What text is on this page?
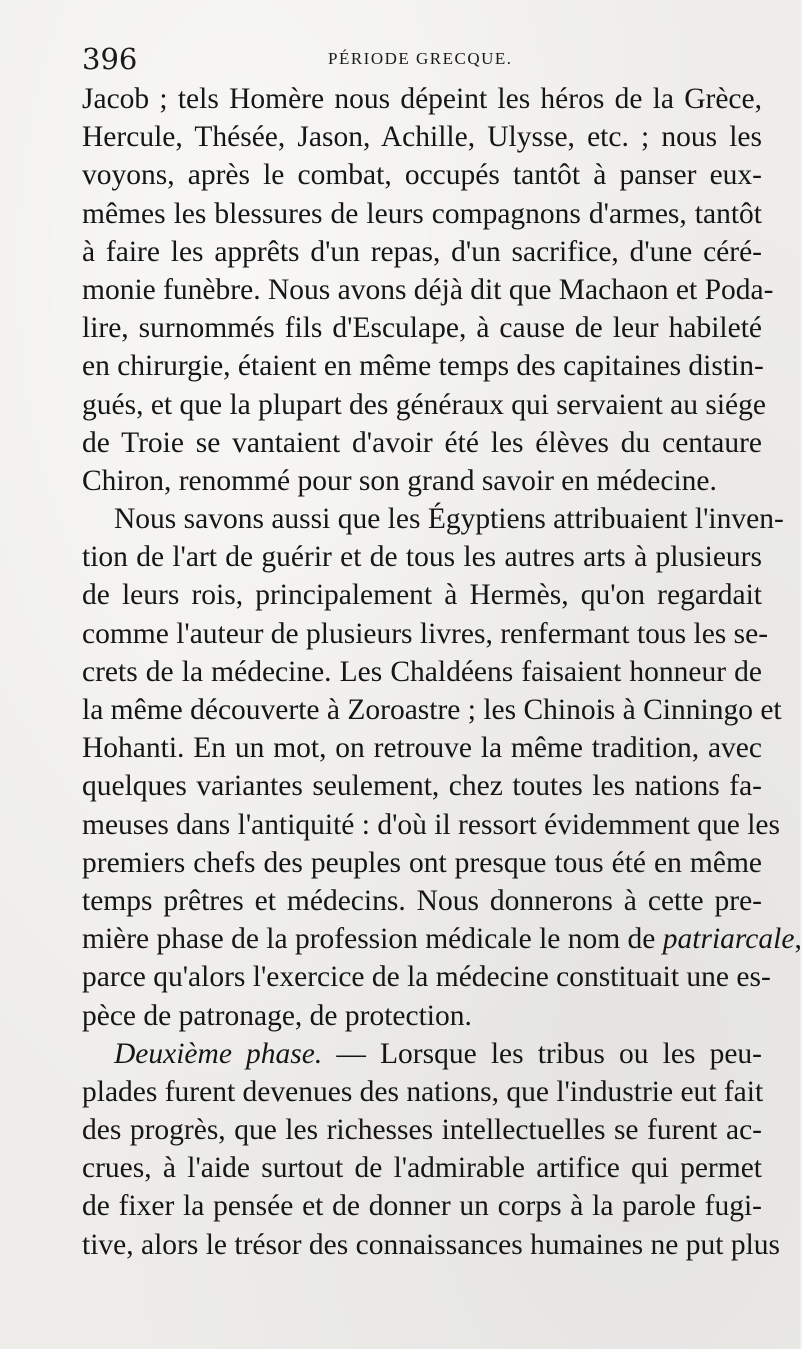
396	PÉRIODE GRECQUE.
Jacob ; tels Homère nous dépeint les héros de la Grèce,
Hercule, Thésée, Jason, Achille, Ulysse, etc. ; nous les
voyons, après le combat, occupés tantôt à panser eux-
mêmes les blessures de leurs compagnons d'armes, tantôt
à faire les apprêts d'un repas, d'un sacrifice, d'une céré-
monie funèbre. Nous avons déjà dit que Machaon et Poda-
lire, surnommés fils d'Esculape, à cause de leur habileté
en chirurgie, étaient en même temps des capitaines distin-
gués, et que la plupart des généraux qui servaient au siége
de Troie se vantaient d'avoir été les élèves du centaure
Chiron, renommé pour son grand savoir en médecine.
Nous savons aussi que les Égyptiens attribuaient l'inven-
tion de l'art de guérir et de tous les autres arts à plusieurs
de leurs rois, principalement à Hermès, qu'on regardait
comme l'auteur de plusieurs livres, renfermant tous les se-
crets de la médecine. Les Chaldéens faisaient honneur de
la même découverte à Zoroastre ; les Chinois à Cinningo et
Hohanti. En un mot, on retrouve la même tradition, avec
quelques variantes seulement, chez toutes les nations fa-
meuses dans l'antiquité : d'où il ressort évidemment que les
premiers chefs des peuples ont presque tous été en même
temps prêtres et médecins. Nous donnerons à cette pre-
mière phase de la profession médicale le nom de patriarcale,
parce qu'alors l'exercice de la médecine constituait une es-
pèce de patronage, de protection.
Deuxième phase. — Lorsque les tribus ou les peu-
plades furent devenues des nations, que l'industrie eut fait
des progrès, que les richesses intellectuelles se furent ac-
crues, à l'aide surtout de l'admirable artifice qui permet
de fixer la pensée et de donner un corps à la parole fugi-
tive, alors le trésor des connaissances humaines ne put plus
